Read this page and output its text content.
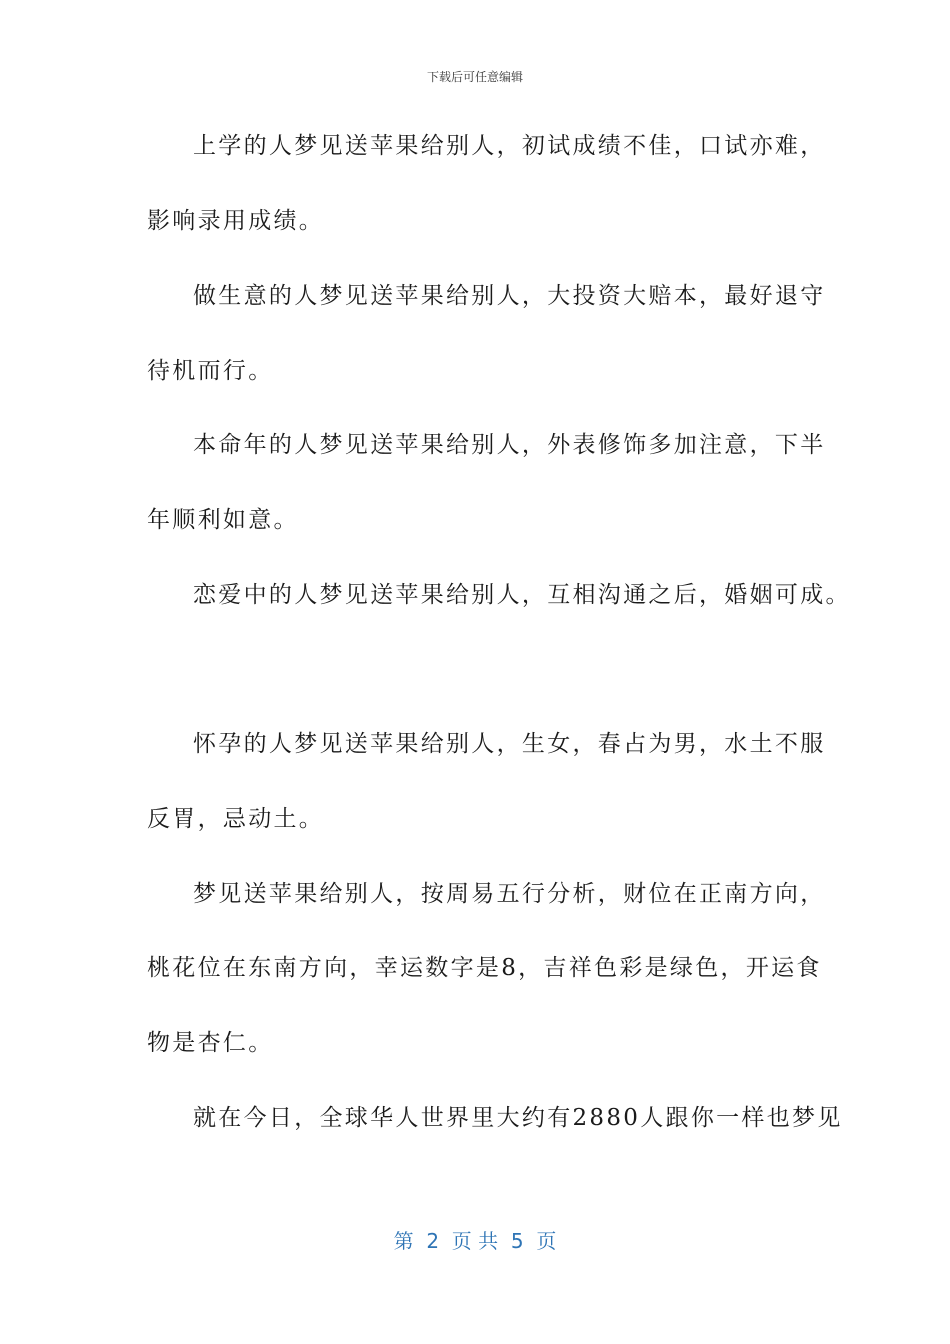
下载后可任意编辑
上学的人梦见送苹果给别人，初试成绩不佳，口试亦难，
影响录用成绩。
做生意的人梦见送苹果给别人，大投资大赔本，最好退守
待机而行。
本命年的人梦见送苹果给别人，外表修饰多加注意，下半
年顺利如意。
恋爱中的人梦见送苹果给别人，互相沟通之后，婚姻可成。
怀孕的人梦见送苹果给别人，生女，春占为男，水土不服
反胃，忌动土。
梦见送苹果给别人，按周易五行分析，财位在正南方向，
桃花位在东南方向，幸运数字是8，吉祥色彩是绿色，开运食
物是杏仁。
就在今日，全球华人世界里大约有2880人跟你一样也梦见
第  2  页 共  5  页
